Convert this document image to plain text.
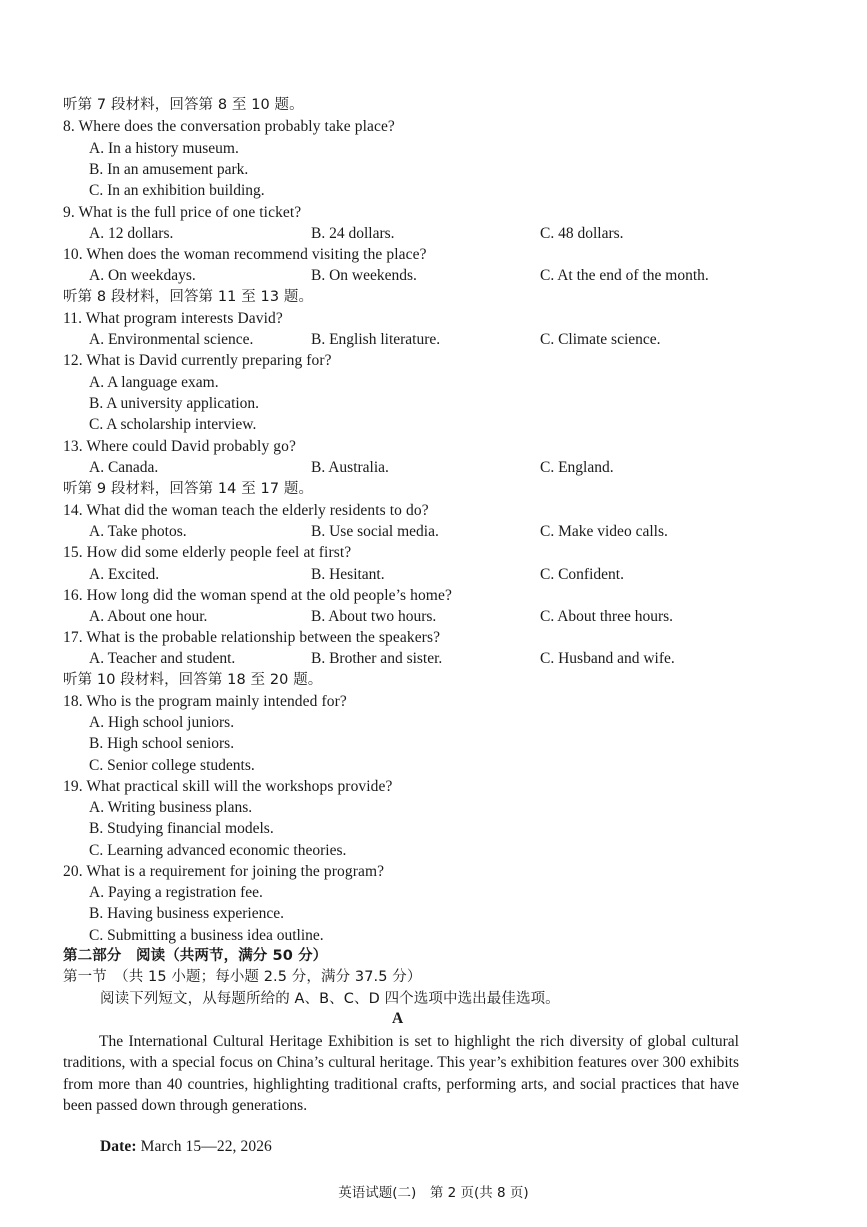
听第 7 段材料，回答第 8 至 10 题。
8. Where does the conversation probably take place?
A. In a history museum.
B. In an amusement park.
C. In an exhibition building.
9. What is the full price of one ticket?
A. 12 dollars.	B. 24 dollars.	C. 48 dollars.
10. When does the woman recommend visiting the place?
A. On weekdays.	B. On weekends.	C. At the end of the month.
听第 8 段材料，回答第 11 至 13 题。
11. What program interests David?
A. Environmental science.	B. English literature.	C. Climate science.
12. What is David currently preparing for?
A. A language exam.
B. A university application.
C. A scholarship interview.
13. Where could David probably go?
A. Canada.	B. Australia.	C. England.
听第 9 段材料，回答第 14 至 17 题。
14. What did the woman teach the elderly residents to do?
A. Take photos.	B. Use social media.	C. Make video calls.
15. How did some elderly people feel at first?
A. Excited.	B. Hesitant.	C. Confident.
16. How long did the woman spend at the old people’s home?
A. About one hour.	B. About two hours.	C. About three hours.
17. What is the probable relationship between the speakers?
A. Teacher and student.	B. Brother and sister.	C. Husband and wife.
听第 10 段材料，回答第 18 至 20 题。
18. Who is the program mainly intended for?
A. High school juniors.
B. High school seniors.
C. Senior college students.
19. What practical skill will the workshops provide?
A. Writing business plans.
B. Studying financial models.
C. Learning advanced economic theories.
20. What is a requirement for joining the program?
A. Paying a registration fee.
B. Having business experience.
C. Submitting a business idea outline.
第二部分　阅读（共两节，满分 50 分）
第一节　（共 15 小题；每小题 2.5 分，满分 37.5 分）
阅读下列短文，从每题所给的 A、B、C、D 四个选项中选出最佳选项。
A
The International Cultural Heritage Exhibition is set to highlight the rich diversity of global cultural traditions, with a special focus on China’s cultural heritage. This year’s exhibition features over 300 exhibits from more than 40 countries, highlighting traditional crafts, performing arts, and social practices that have been passed down through generations.
Date: March 15—22, 2026
英语试题(二)　第 2 页(共 8 页)
